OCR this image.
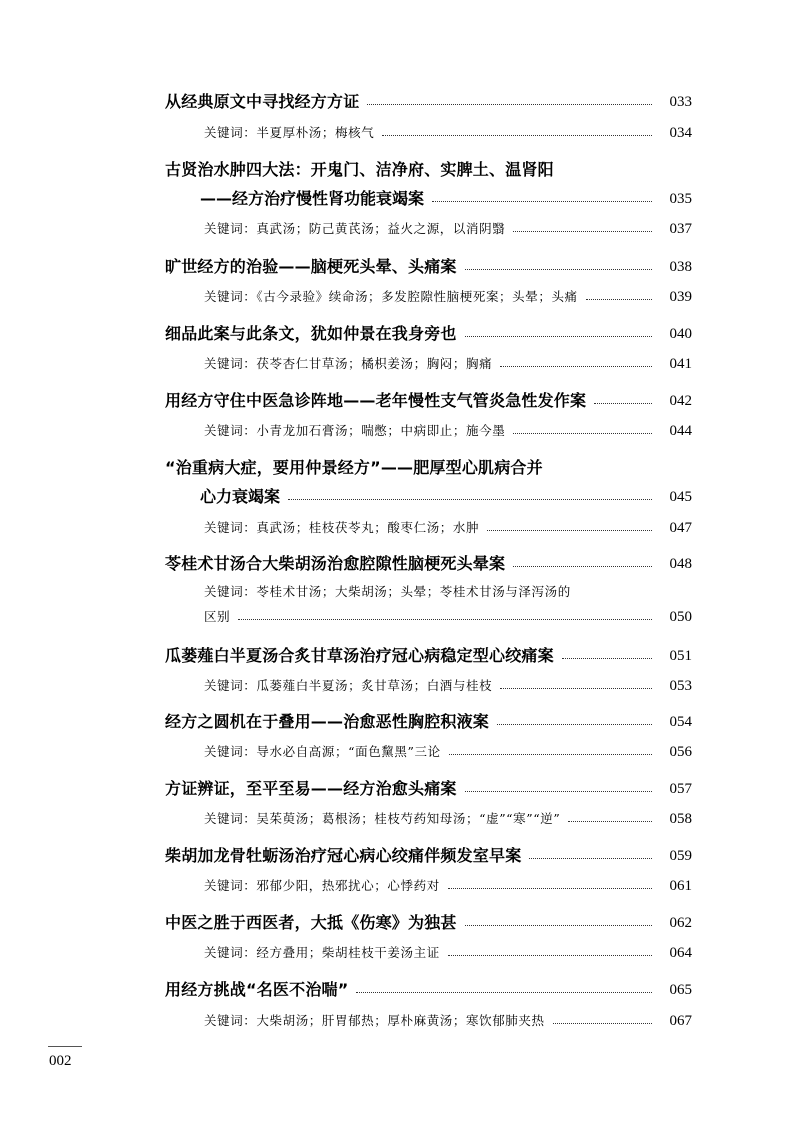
从经典原文中寻找经方方证	033
关键词：半夏厚朴汤；梅核气	034
古贤治水肿四大法：开鬼门、洁净府、实脾土、温肾阳
——经方治疗慢性肾功能衰竭案	035
关键词：真武汤；防己黄芪汤；益火之源，以消阴翳	037
旷世经方的治验——脑梗死头晕、头痛案	038
关键词：《古今录验》续命汤；多发腔隙性脑梗死案；头晕；头痛	039
细品此案与此条文，犹如仲景在我身旁也	040
关键词：茯苓杏仁甘草汤；橘枳姜汤；胸闷；胸痛	041
用经方守住中医急诊阵地——老年慢性支气管炎急性发作案	042
关键词：小青龙加石膏汤；喘憋；中病即止；施今墨	044
“治重病大症，要用仲景经方”——肥厚型心肌病合并
心力衰竭案	045
关键词：真武汤；桂枝茯苓丸；酸枣仁汤；水肿	047
苓桂术甘汤合大柴胡汤治愈腔隙性脑梗死头晕案	048
关键词：苓桂术甘汤；大柴胡汤；头晕；苓桂术甘汤与泽泻汤的
区别	050
瓜蒌薤白半夏汤合炙甘草汤治疗冠心病稳定型心绞痛案	051
关键词：瓜蒌薤白半夏汤；炙甘草汤；白酒与桂枝	053
经方之圆机在于叠用——治愈恶性胸腔积液案	054
关键词：导水必自高源；“面色黧黑”三论	056
方证辨证，至平至易——经方治愈头痛案	057
关键词：吴茱萸汤；葛根汤；桂枝芍药知母汤；“虚”“寒”“逆”	058
柴胡加龙骨牡蛎汤治疗冠心病心绞痛伴频发室早案	059
关键词：邪郁少阳，热邪扰心；心悸药对	061
中医之胜于西医者，大抵《伤寒》为独甚	062
关键词：经方叠用；柴胡桂枝干姜汤主证	064
用经方挑战“名医不治喘”	065
关键词：大柴胡汤；肝胃郁热；厚朴麻黄汤；寒饮郁肺夹热	067
002
